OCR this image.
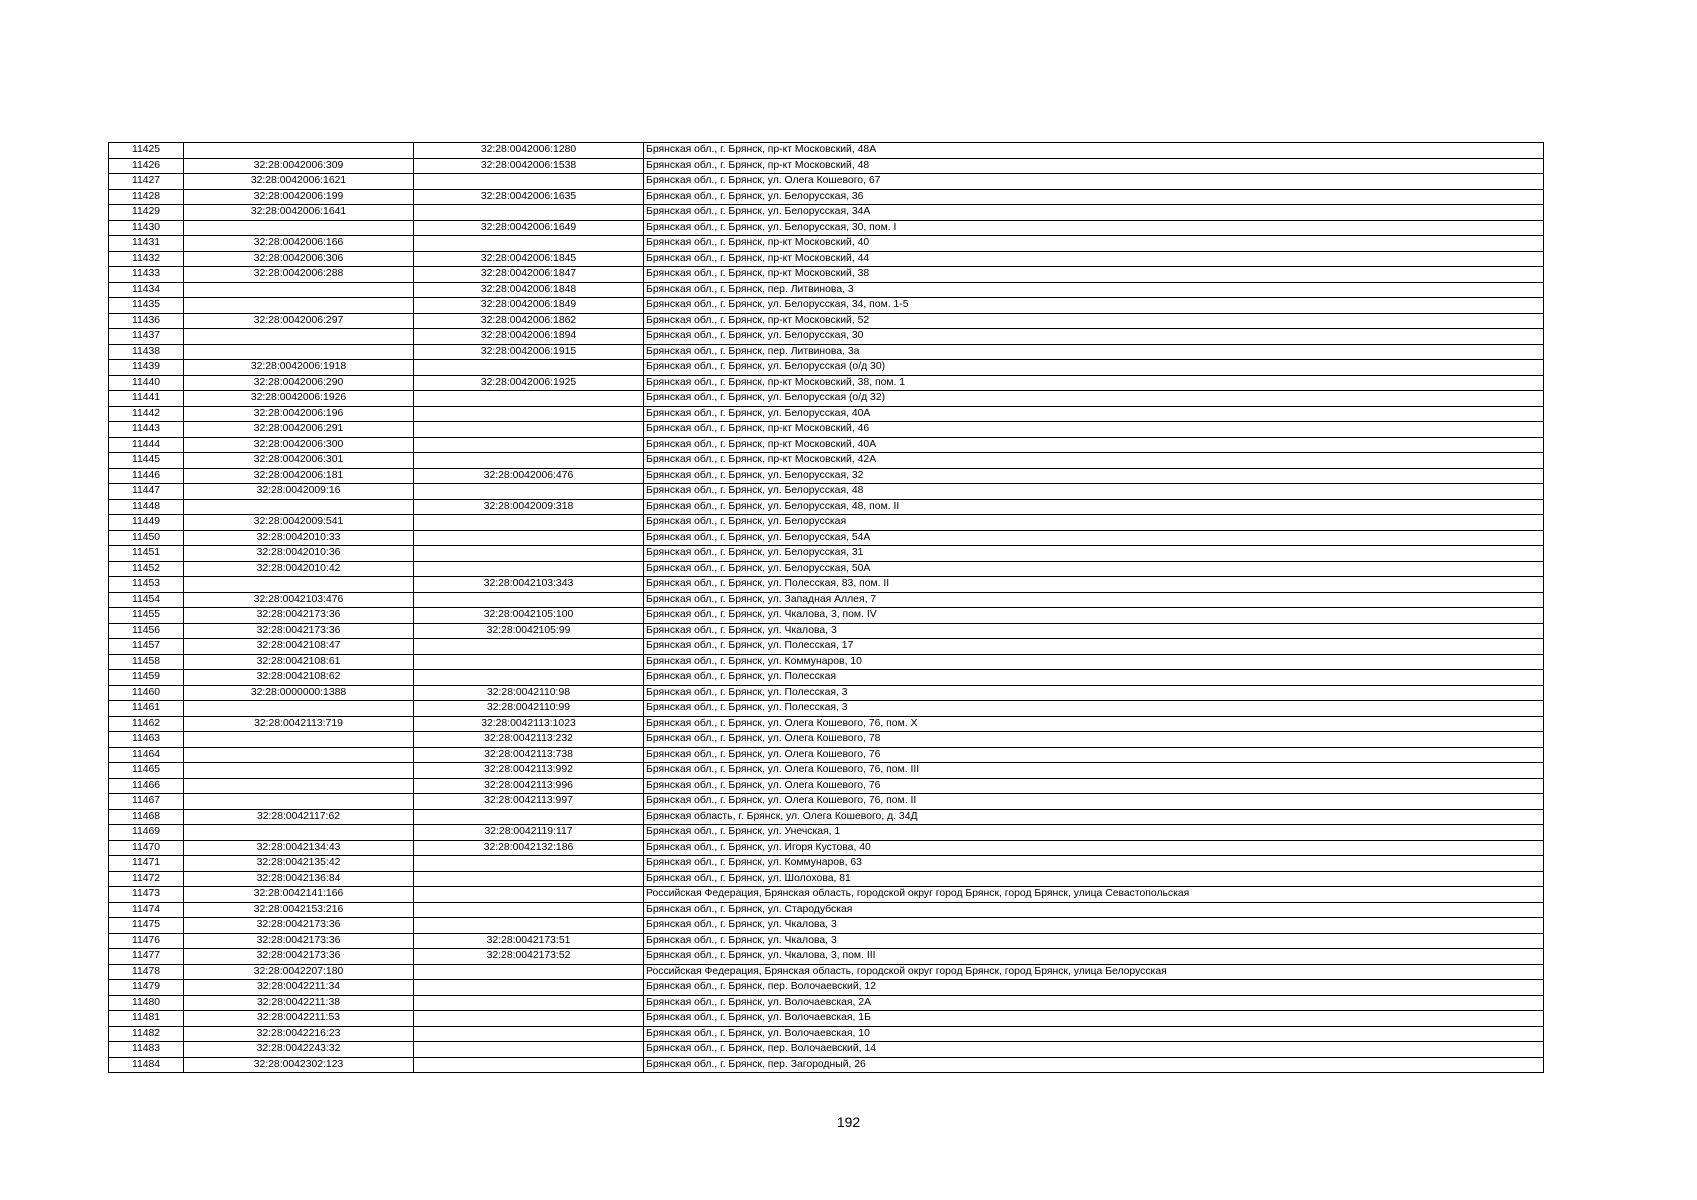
11425		32:28:0042006:1280	Брянская обл., г. Брянск, пр-кт Московский, 48А
11426	32:28:0042006:309	32:28:0042006:1538	Брянская обл., г. Брянск, пр-кт Московский, 48
11427	32:28:0042006:1621		Брянская обл., г. Брянск, ул. Олега Кошевого, 67
11428	32:28:0042006:199	32:28:0042006:1635	Брянская обл., г. Брянск, ул. Белорусская, 36
11429	32:28:0042006:1641		Брянская обл., г. Брянск, ул. Белорусская, 34А
11430		32:28:0042006:1649	Брянская обл., г. Брянск, ул. Белорусская, 30, пом. I
11431	32:28:0042006:166		Брянская обл., г. Брянск, пр-кт Московский, 40
11432	32:28:0042006:306	32:28:0042006:1845	Брянская обл., г. Брянск, пр-кт Московский, 44
11433	32:28:0042006:288	32:28:0042006:1847	Брянская обл., г. Брянск, пр-кт Московский, 38
11434		32:28:0042006:1848	Брянская обл., г. Брянск, пер. Литвинова, 3
11435		32:28:0042006:1849	Брянская обл., г. Брянск, ул. Белорусская, 34, пом. 1-5
11436	32:28:0042006:297	32:28:0042006:1862	Брянская обл., г. Брянск, пр-кт Московский, 52
11437		32:28:0042006:1894	Брянская обл., г. Брянск, ул. Белорусская, 30
11438		32:28:0042006:1915	Брянская обл., г. Брянск, пер. Литвинова, 3а
11439	32:28:0042006:1918		Брянская обл., г. Брянск, ул. Белорусская (о/д 30)
11440	32:28:0042006:290	32:28:0042006:1925	Брянская обл., г. Брянск, пр-кт Московский, 38, пом. 1
11441	32:28:0042006:1926		Брянская обл., г. Брянск, ул. Белорусская (о/д 32)
11442	32:28:0042006:196		Брянская обл., г. Брянск, ул. Белорусская, 40А
11443	32:28:0042006:291		Брянская обл., г. Брянск, пр-кт Московский, 46
11444	32:28:0042006:300		Брянская обл., г. Брянск, пр-кт Московский, 40А
11445	32:28:0042006:301		Брянская обл., г. Брянск, пр-кт Московский, 42А
11446	32:28:0042006:181	32:28:0042006:476	Брянская обл., г. Брянск, ул. Белорусская, 32
11447	32:28:0042009:16		Брянская обл., г. Брянск, ул. Белорусская, 48
11448		32:28:0042009:318	Брянская обл., г. Брянск, ул. Белорусская, 48, пом. II
11449	32:28:0042009:541		Брянская обл., г. Брянск, ул. Белорусская
11450	32:28:0042010:33		Брянская обл., г. Брянск, ул. Белорусская, 54А
11451	32:28:0042010:36		Брянская обл., г. Брянск, ул. Белорусская, 31
11452	32:28:0042010:42		Брянская обл., г. Брянск, ул. Белорусская, 50А
11453		32:28:0042103:343	Брянская обл., г. Брянск, ул. Полесская, 83, пом. II
11454	32:28:0042103:476		Брянская обл., г. Брянск, ул. Западная Аллея, 7
11455	32:28:0042173:36	32:28:0042105:100	Брянская обл., г. Брянск, ул. Чкалова, 3, пом. IV
11456	32:28:0042173:36	32:28:0042105:99	Брянская обл., г. Брянск, ул. Чкалова, 3
11457	32:28:0042108:47		Брянская обл., г. Брянск, ул. Полесская, 17
11458	32:28:0042108:61		Брянская обл., г. Брянск, ул. Коммунаров, 10
11459	32:28:0042108:62		Брянская обл., г. Брянск, ул. Полесская
11460	32:28:0000000:1388	32:28:0042110:98	Брянская обл., г. Брянск, ул. Полесская, 3
11461		32:28:0042110:99	Брянская обл., г. Брянск, ул. Полесская, 3
11462	32:28:0042113:719	32:28:0042113:1023	Брянская обл., г. Брянск, ул. Олега Кошевого, 76, пом. X
11463		32:28:0042113:232	Брянская обл., г. Брянск, ул. Олега Кошевого, 78
11464		32:28:0042113:738	Брянская обл., г. Брянск, ул. Олега Кошевого, 76
11465		32:28:0042113:992	Брянская обл., г. Брянск, ул. Олега Кошевого, 76, пом. III
11466		32:28:0042113:996	Брянская обл., г. Брянск, ул. Олега Кошевого, 76
11467		32:28:0042113:997	Брянская обл., г. Брянск, ул. Олега Кошевого, 76, пом. II
11468	32:28:0042117:62		Брянская область, г. Брянск, ул. Олега Кошевого, д. 34Д
11469		32:28:0042119:117	Брянская обл., г. Брянск, ул. Унечская, 1
11470	32:28:0042134:43	32:28:0042132:186	Брянская обл., г. Брянск, ул. Игоря Кустова, 40
11471	32:28:0042135:42		Брянская обл., г. Брянск, ул. Коммунаров, 63
11472	32:28:0042136:84		Брянская обл., г. Брянск, ул. Шолохова, 81
11473	32:28:0042141:166		Российская Федерация, Брянская область, городской округ город Брянск, город Брянск, улица Севастопольская
11474	32:28:0042153:216		Брянская обл., г. Брянск, ул. Стародубская
11475	32:28:0042173:36		Брянская обл., г. Брянск, ул. Чкалова, 3
11476	32:28:0042173:36	32:28:0042173:51	Брянская обл., г. Брянск, ул. Чкалова, 3
11477	32:28:0042173:36	32:28:0042173:52	Брянская обл., г. Брянск, ул. Чкалова, 3, пом. III
11478	32:28:0042207:180		Российская Федерация, Брянская область, городской округ город Брянск, город Брянск, улица Белорусская
11479	32:28:0042211:34		Брянская обл., г. Брянск, пер. Волочаевский, 12
11480	32:28:0042211:38		Брянская обл., г. Брянск, ул. Волочаевская, 2А
11481	32:28:0042211:53		Брянская обл., г. Брянск, ул. Волочаевская, 1Б
11482	32:28:0042216:23		Брянская обл., г. Брянск, ул. Волочаевская, 10
11483	32:28:0042243:32		Брянская обл., г. Брянск, пер. Волочаевский, 14
11484	32:28:0042302:123		Брянская обл., г. Брянск, пер. Загородный, 26
192
